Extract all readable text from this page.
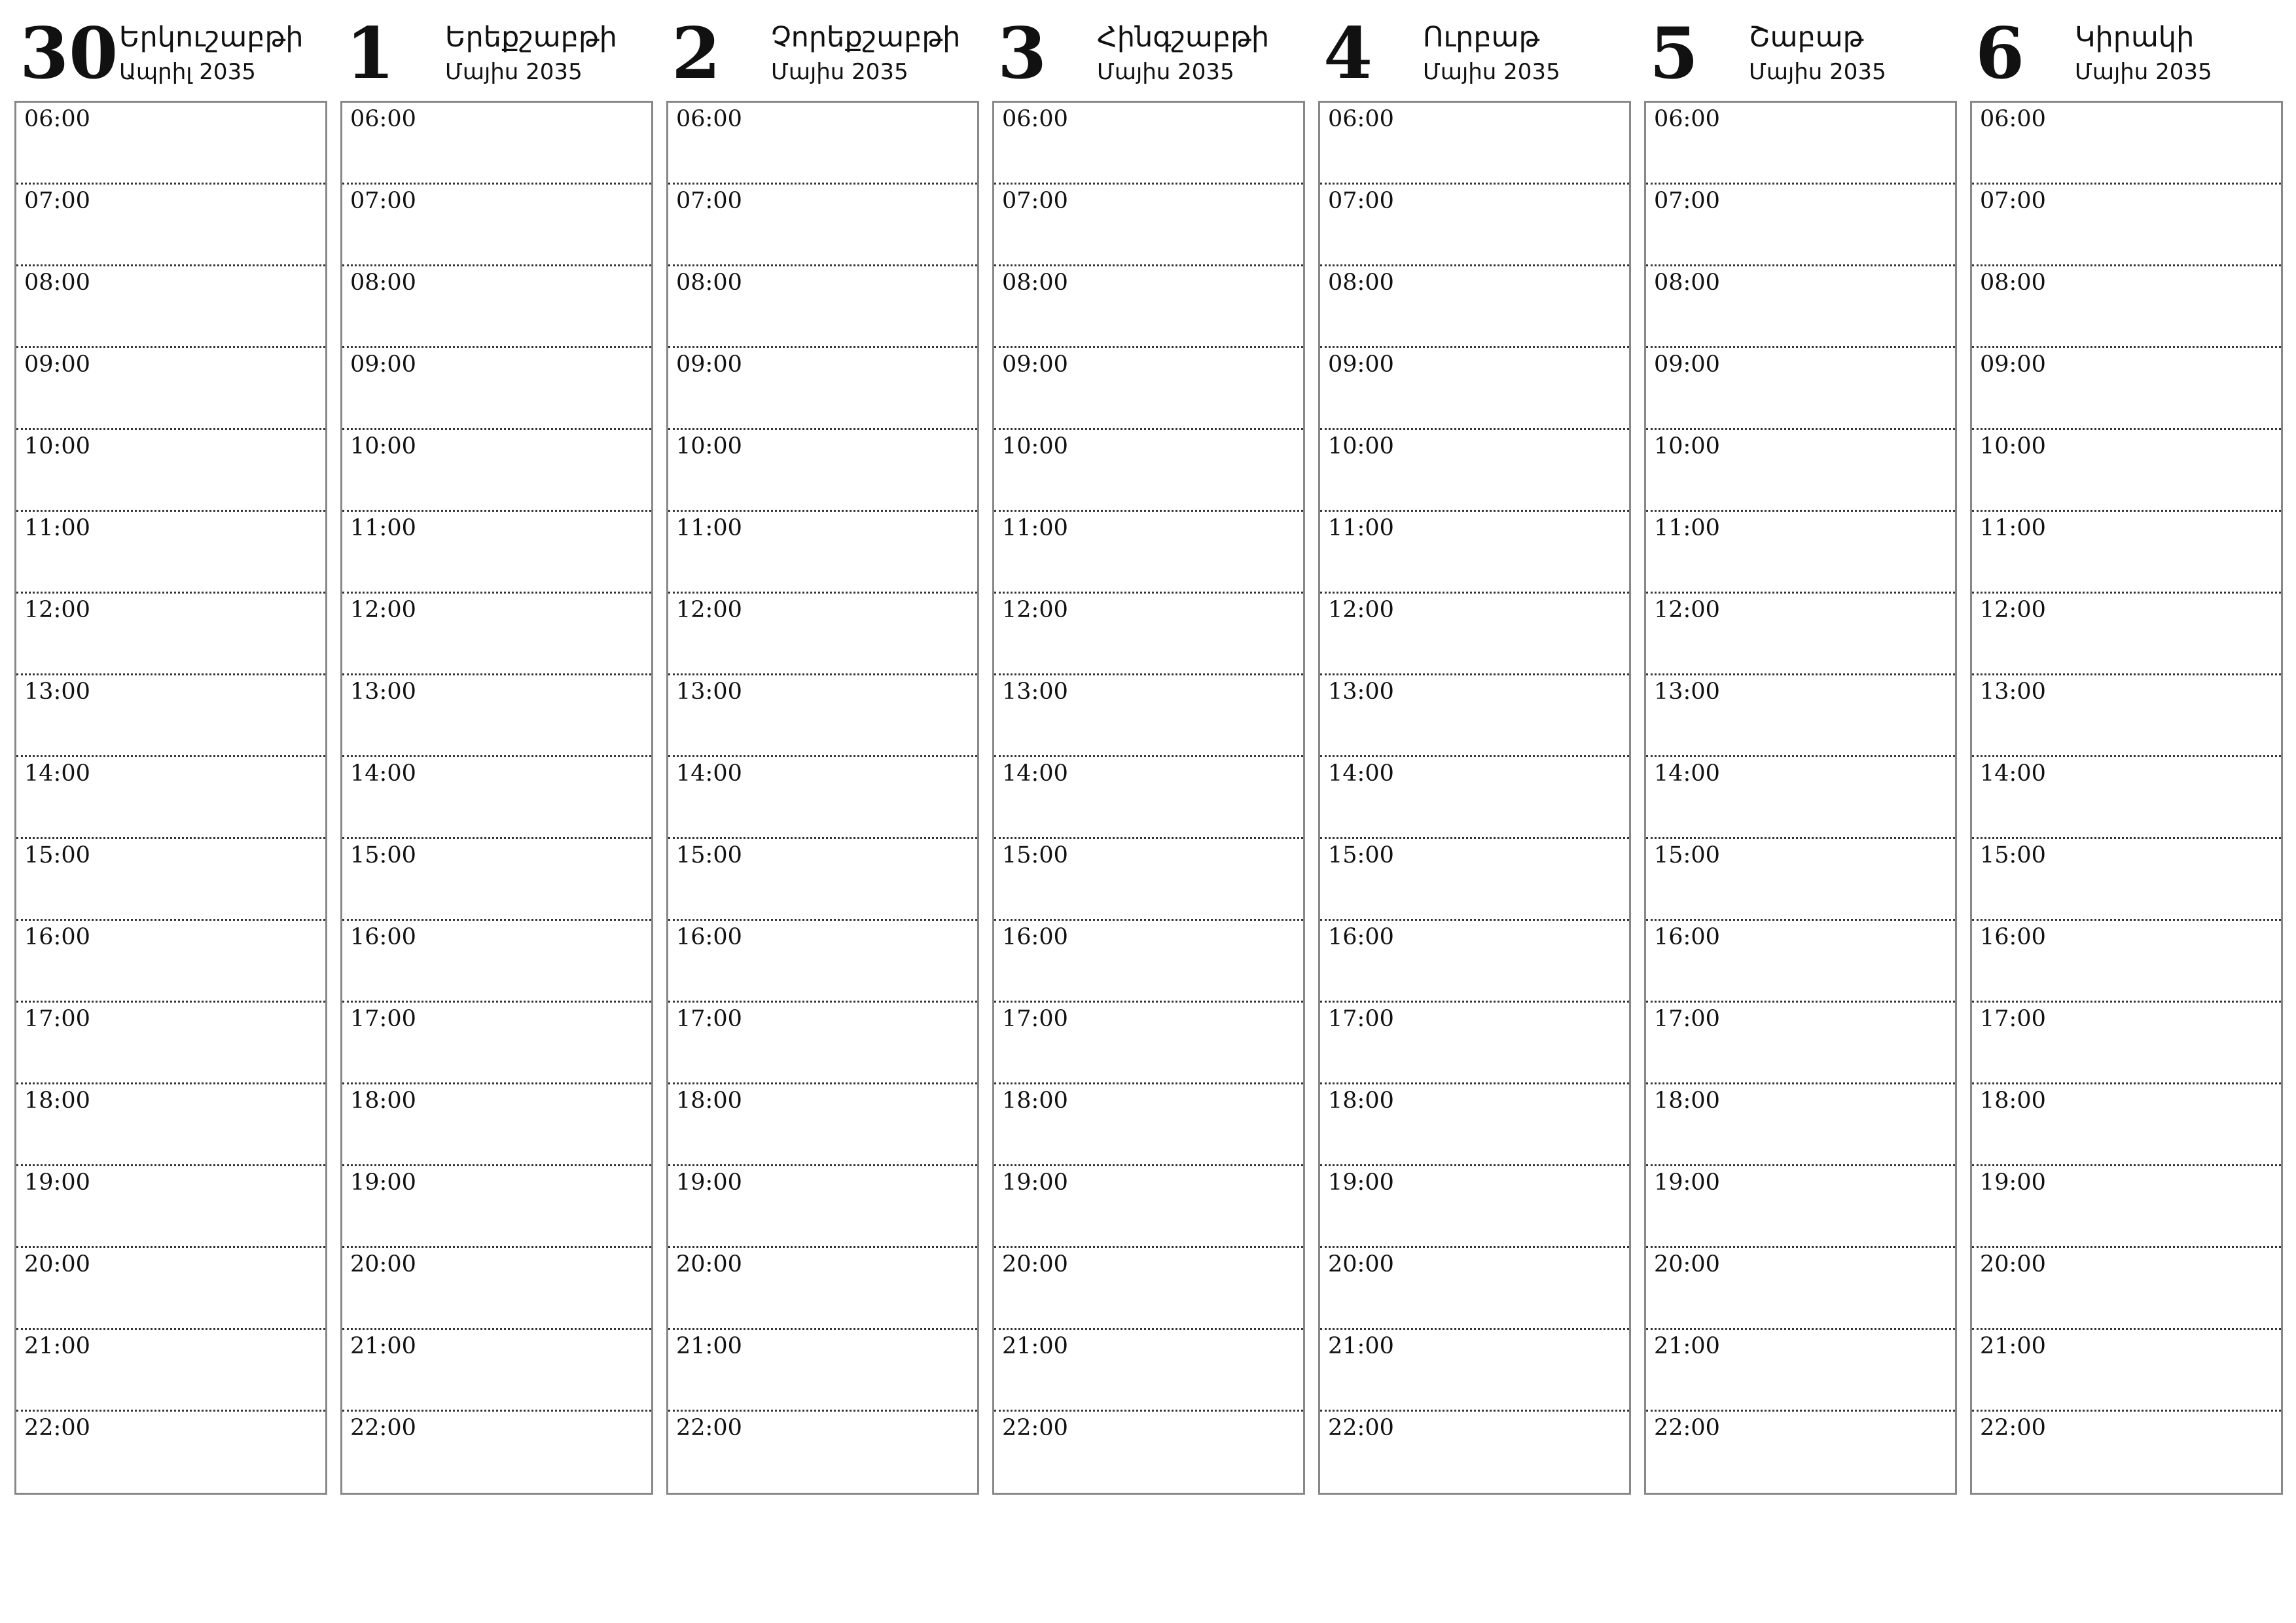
30 Երկուշաբթի
Ապրիլ 2035
06:00
07:00
08:00
09:00
10:00
11:00
12:00
13:00
14:00
15:00
16:00
17:00
18:00
19:00
20:00
21:00
22:00
1 Երեքշաբթի
Մայիս 2035
06:00
07:00
08:00
09:00
10:00
11:00
12:00
13:00
14:00
15:00
16:00
17:00
18:00
19:00
20:00
21:00
22:00
2 Չորեքշաբթի
Մայիս 2035
06:00
07:00
08:00
09:00
10:00
11:00
12:00
13:00
14:00
15:00
16:00
17:00
18:00
19:00
20:00
21:00
22:00
3 Հինգշաբթի
Մայիս 2035
06:00
07:00
08:00
09:00
10:00
11:00
12:00
13:00
14:00
15:00
16:00
17:00
18:00
19:00
20:00
21:00
22:00
4 Ուրբաթ
Մայիս 2035
06:00
07:00
08:00
09:00
10:00
11:00
12:00
13:00
14:00
15:00
16:00
17:00
18:00
19:00
20:00
21:00
22:00
5 Շաբաթ
Մայիս 2035
06:00
07:00
08:00
09:00
10:00
11:00
12:00
13:00
14:00
15:00
16:00
17:00
18:00
19:00
20:00
21:00
22:00
6 Կիրակի
Մայիս 2035
06:00
07:00
08:00
09:00
10:00
11:00
12:00
13:00
14:00
15:00
16:00
17:00
18:00
19:00
20:00
21:00
22:00
